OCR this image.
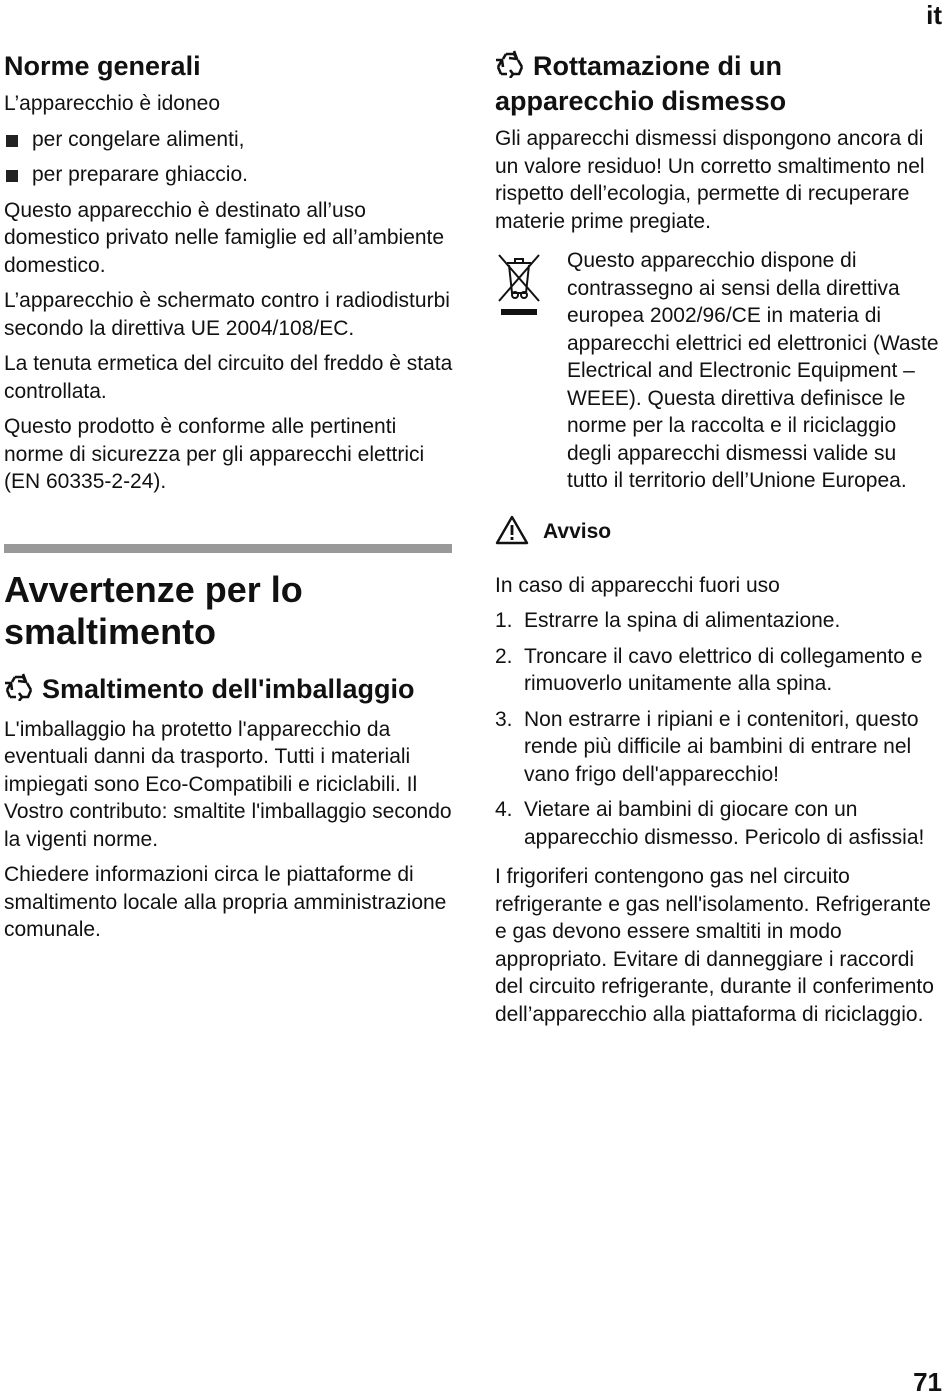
it
Norme generali

L’apparecchio è idoneo

per congelare alimenti,
per preparare ghiaccio.

Questo apparecchio è destinato all’uso domestico privato nelle famiglie ed all’ambiente domestico.

L’apparecchio è schermato contro i radiodisturbi secondo la direttiva UE 2004/108/EC.

La tenuta ermetica del circuito del freddo è stata controllata.

Questo prodotto è conforme alle pertinenti norme di sicurezza per gli apparecchi elettrici (EN 60335-2-24).

Avvertenze per lo smaltimento
Smaltimento dell'imballaggio

L'imballaggio ha protetto l'apparecchio da eventuali danni da trasporto. Tutti i materiali impiegati sono Eco-Compatibili e riciclabili. Il Vostro contributo: smaltite l'imballaggio secondo la vigenti norme.

Chiedere informazioni circa le piattaforme di smaltimento locale alla propria amministrazione comunale.

Rottamazione di un apparecchio dismesso

Gli apparecchi dismessi dispongono ancora di un valore residuo! Un corretto smaltimento nel rispetto dell’ecologia, permette di recuperare materie prime pregiate.

Questo apparecchio dispone di contrassegno ai sensi della direttiva europea 2002/96/CE in materia di apparecchi elettrici ed elettronici (Waste Electrical and Electronic Equipment – WEEE). Questa direttiva definisce le norme per la raccolta e il riciclaggio degli apparecchi dismessi valide su tutto il territorio dell’Unione Europea.

Avviso

In caso di apparecchi fuori uso

1. Estrarre la spina di alimentazione.
2. Troncare il cavo elettrico di collegamento e rimuoverlo unitamente alla spina.
3. Non estrarre i ripiani e i contenitori, questo rende più difficile ai bambini di entrare nel vano frigo dell'apparecchio!
4. Vietare ai bambini di giocare con un apparecchio dismesso. Pericolo di asfissia!

I frigoriferi contengono gas nel circuito refrigerante e gas nell'isolamento. Refrigerante e gas devono essere smaltiti in modo appropriato. Evitare di danneggiare i raccordi del circuito refrigerante, durante il conferimento dell’apparecchio alla piattaforma di riciclaggio.

71
